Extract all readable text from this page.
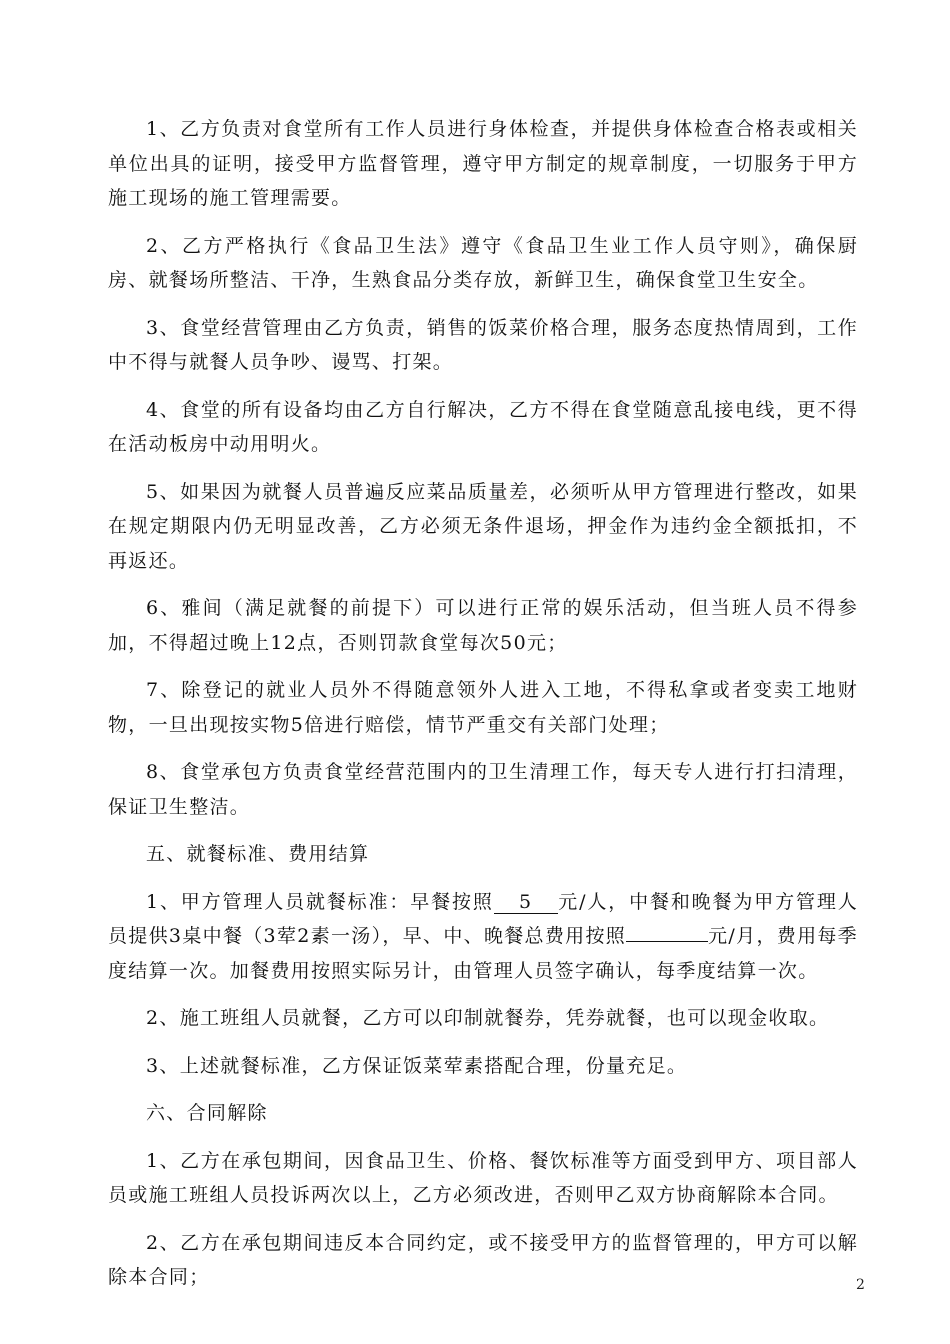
1、乙方负责对食堂所有工作人员进行身体检查，并提供身体检查合格表或相关单位出具的证明，接受甲方监督管理，遵守甲方制定的规章制度，一切服务于甲方施工现场的施工管理需要。

2、乙方严格执行《食品卫生法》遵守《食品卫生业工作人员守则》，确保厨房、就餐场所整洁、干净，生熟食品分类存放，新鲜卫生，确保食堂卫生安全。

3、食堂经营管理由乙方负责，销售的饭菜价格合理，服务态度热情周到，工作中不得与就餐人员争吵、谩骂、打架。

4、食堂的所有设备均由乙方自行解决，乙方不得在食堂随意乱接电线，更不得在活动板房中动用明火。

5、如果因为就餐人员普遍反应菜品质量差，必须听从甲方管理进行整改，如果在规定期限内仍无明显改善，乙方必须无条件退场，押金作为违约金全额抵扣，不再返还。

6、雅间（满足就餐的前提下）可以进行正常的娱乐活动，但当班人员不得参加，不得超过晚上12点，否则罚款食堂每次50元；

7、除登记的就业人员外不得随意领外人进入工地，不得私拿或者变卖工地财物，一旦出现按实物5倍进行赔偿，情节严重交有关部门处理；

8、食堂承包方负责食堂经营范围内的卫生清理工作，每天专人进行打扫清理，保证卫生整洁。

五、就餐标准、费用结算

1、甲方管理人员就餐标准：早餐按照 5 元/人，中餐和晚餐为甲方管理人员提供3桌中餐（3荤2素一汤），早、中、晚餐总费用按照	元/月，费用每季度结算一次。加餐费用按照实际另计，由管理人员签字确认，每季度结算一次。

2、施工班组人员就餐，乙方可以印制就餐券，凭券就餐，也可以现金收取。

3、上述就餐标准，乙方保证饭菜荤素搭配合理，份量充足。

六、合同解除

1、乙方在承包期间，因食品卫生、价格、餐饮标准等方面受到甲方、项目部人员或施工班组人员投诉两次以上，乙方必须改进，否则甲乙双方协商解除本合同。

2、乙方在承包期间违反本合同约定，或不接受甲方的监督管理的，甲方可以解除本合同；	2
